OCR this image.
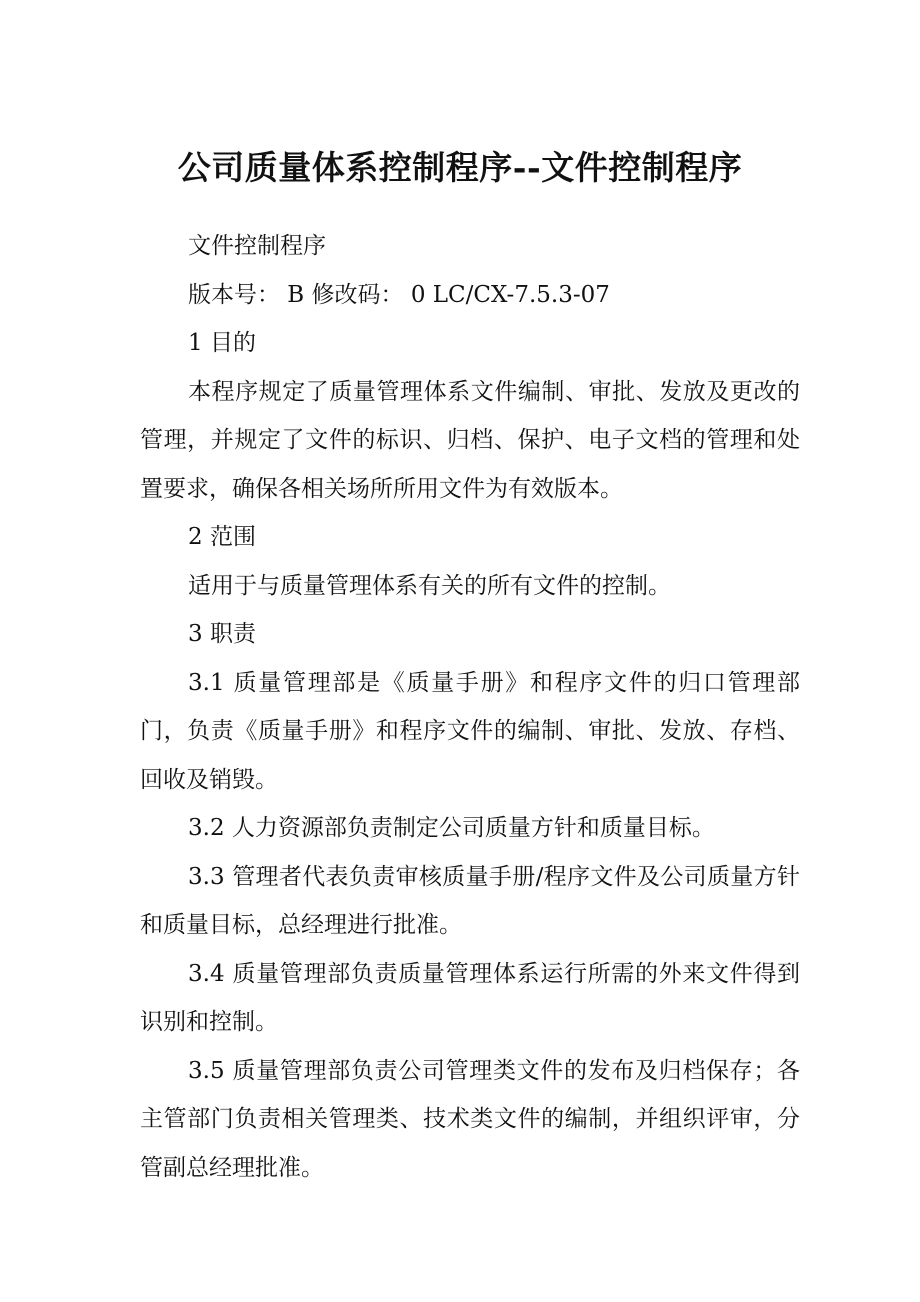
公司质量体系控制程序--文件控制程序

文件控制程序

版本号： B 修改码： 0 LC/CX-7.5.3-07

1 目的

本程序规定了质量管理体系文件编制、审批、发放及更改的管理，并规定了文件的标识、归档、保护、电子文档的管理和处置要求，确保各相关场所所用文件为有效版本。

2 范围

适用于与质量管理体系有关的所有文件的控制。

3 职责

3.1 质量管理部是《质量手册》和程序文件的归口管理部门，负责《质量手册》和程序文件的编制、审批、发放、存档、回收及销毁。

3.2 人力资源部负责制定公司质量方针和质量目标。

3.3 管理者代表负责审核质量手册/程序文件及公司质量方针和质量目标，总经理进行批准。

3.4 质量管理部负责质量管理体系运行所需的外来文件得到识别和控制。

3.5 质量管理部负责公司管理类文件的发布及归档保存；各主管部门负责相关管理类、技术类文件的编制，并组织评审，分管副总经理批准。
